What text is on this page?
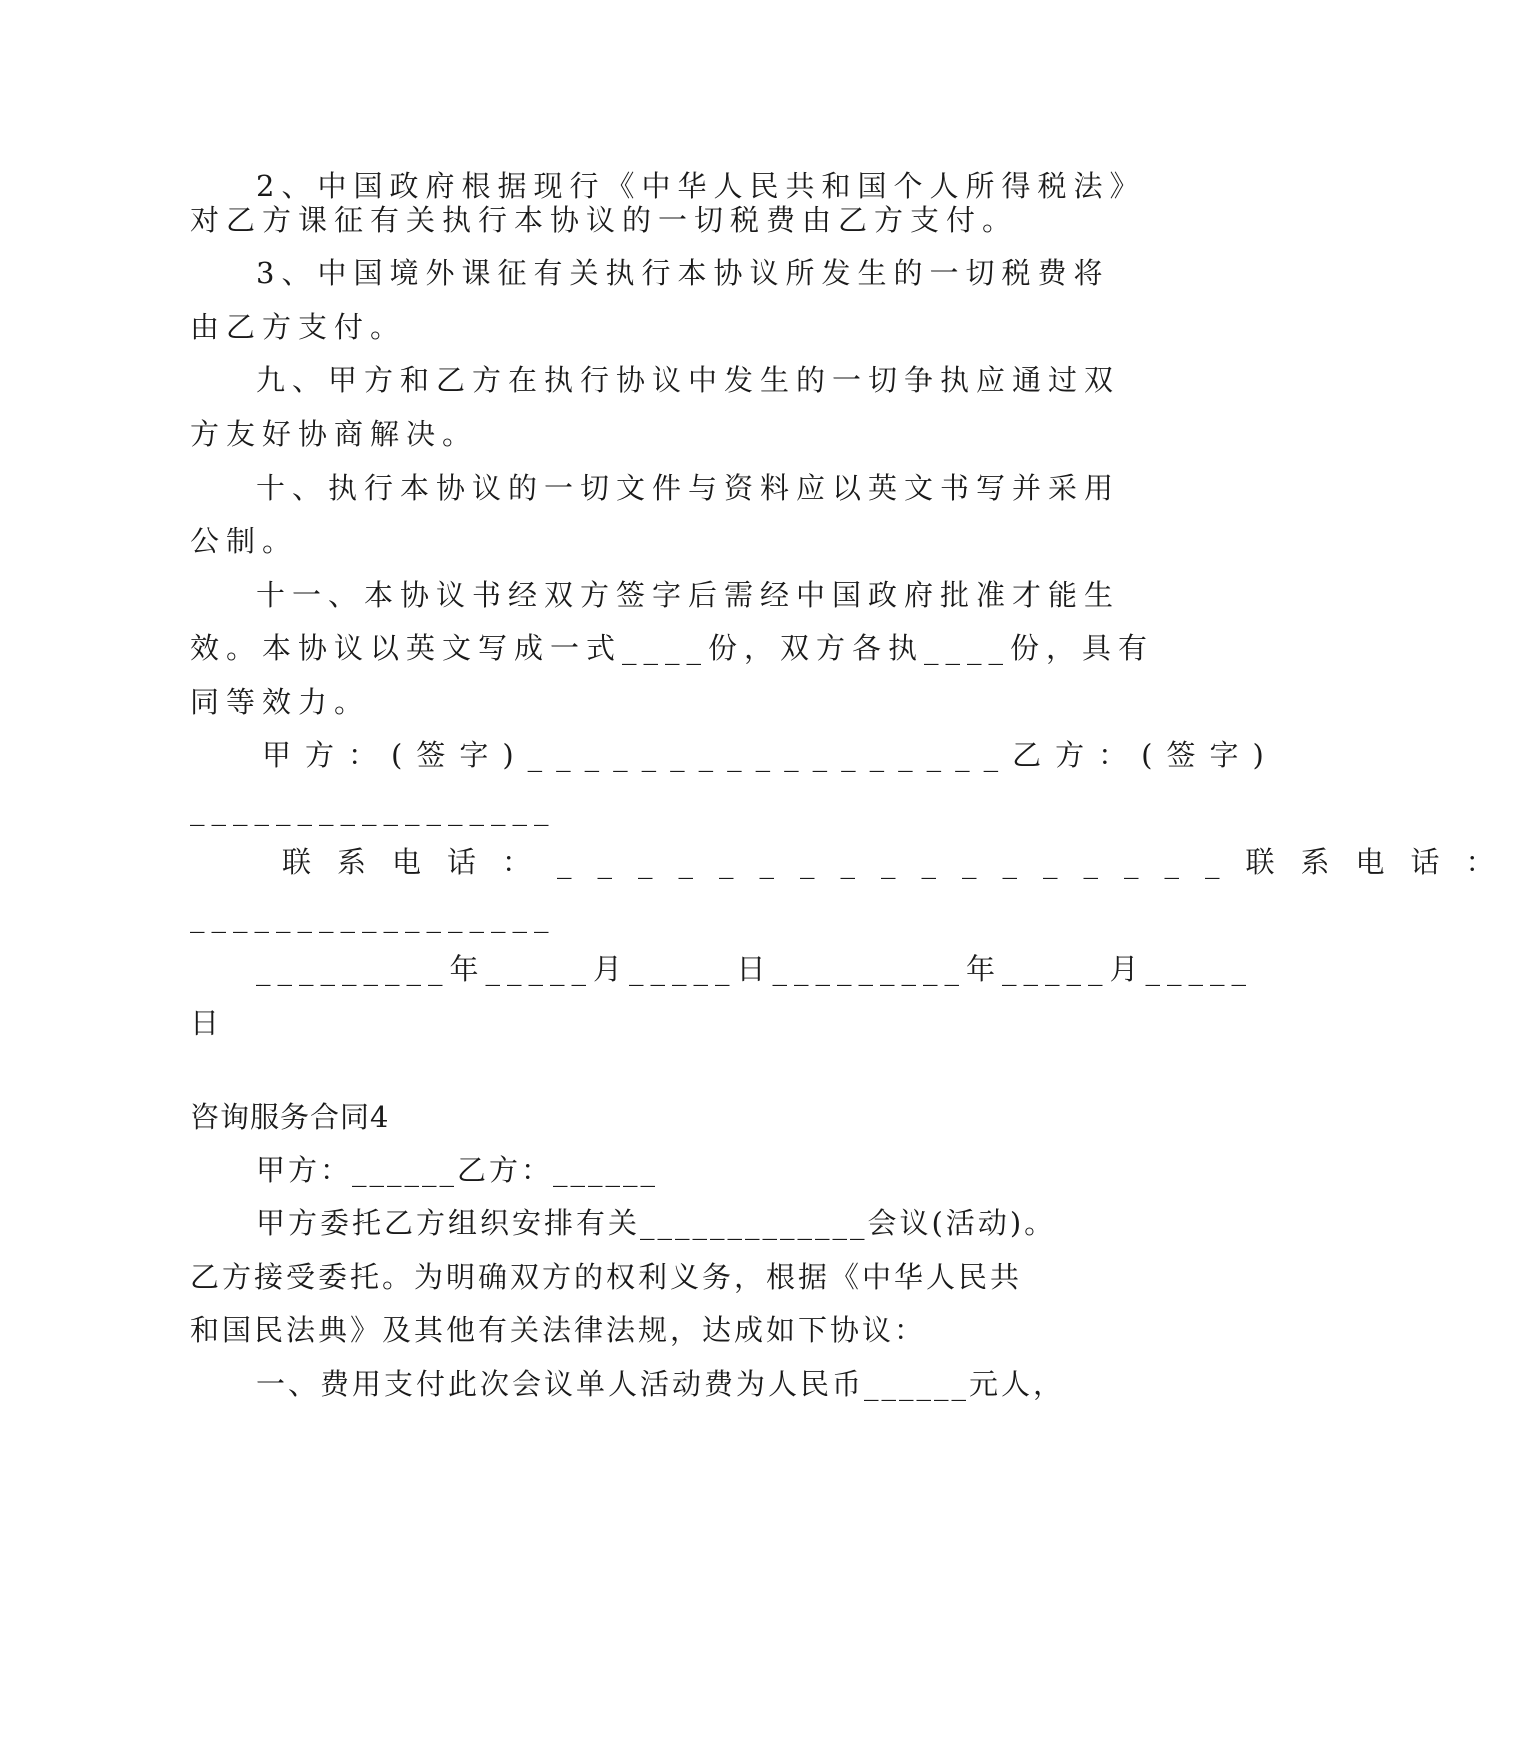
2、中国政府根据现行《中华人民共和国个人所得税法》
对乙方课征有关执行本协议的一切税费由乙方支付。
3、中国境外课征有关执行本协议所发生的一切税费将
由乙方支付。
九、甲方和乙方在执行协议中发生的一切争执应通过双
方友好协商解决。
十、执行本协议的一切文件与资料应以英文书写并采用
公制。
十一、本协议书经双方签字后需经中国政府批准才能生
效。本协议以英文写成一式____份，双方各执____份，具有
同等效力。
甲方：(签字)_________________乙方：(签字)
_________________
联系电话：_________________联系电话：
_________________
_________年_____月_____日_________年_____月_____
日
咨询服务合同4
甲方：______乙方：______
甲方委托乙方组织安排有关_____________会议(活动)。
乙方接受委托。为明确双方的权利义务，根据《中华人民共
和国民法典》及其他有关法律法规，达成如下协议：
一、费用支付此次会议单人活动费为人民币______元人，
